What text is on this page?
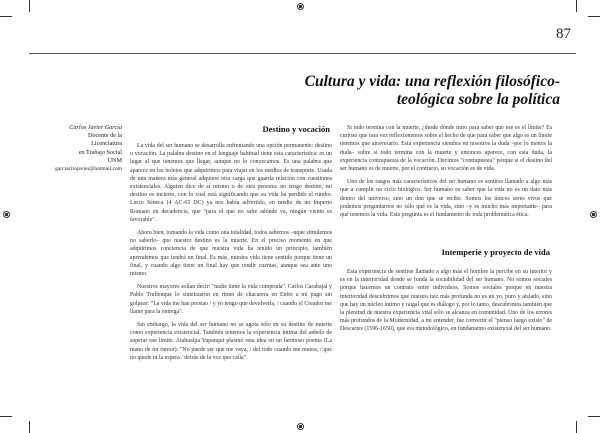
87
Cultura y vida: una reflexión filosófico-teológica sobre la política
Carlos Javier García
Docente de la
Licenciatura
en Trabajo Social
UNM
garciacitojavier@hotmail.com
Destino y vocación

La vida del ser humano se desarrolla enfrentando una opción permanente: destino o vocación. La palabra destino en el lenguaje habitual tiene esta característica: es un lugar al que tenemos que llegar, aunque no lo conozcamos. Es una palabra que aparece en los boletos que adquirimos para viajar en los medios de transporte. Usada de una manera más general adquiere otra carga que guarda relación con cuestiones existenciales. Alguien dice de sí mismo o de otra persona: no tengo destino, mi destino es incierto, con lo cual está significando que su vida ha perdido el rumbo. Lucio Séneca (4 AC-65 DC) ya nos había advertido, en medio de un Imperio Romano en decadencia, que "para el que no sabe adónde va, ningún viento es favorable".

Ahora bien, tomando la vida como una totalidad, todos sabemos –uque simulemos no saberlo– que nuestro destino es la muerte. En el preciso momento en que adquirimos conciencia de que nuestra vida ha tenido un principio, también aprendemos que tendrá un final. Es más, nuestra vida tiene sentido porque tiene un final, y cuando algo tiene un final hay que rendir cuentas, aunque sea ante uno mismo.

Nuestros mayores solían decir: "nadie tiene la vida comprada". Carlos Carabajal y Pablo Trullenque lo sintetizaron en ritmo de chacarera en Entre a mi pago sin golpear: "La vida me han prestao / y yo tengo que devolverla, / cuando el Creador me llame para la entrega".

Sin embargo, la vida del ser humano no se agota sólo en su destino de muerte como experiencia existencial. También tenemos la experiencia íntima del anhelo de superar ese límite. Atahualpa Yupanqui plasmó esta idea en un hermoso poema (La mano de mi rumor): "No puede ser que me vaya, / del todo cuando me muera, / que no quede ni la espera / detrás de la voz que calla".

Si todo termina con la muerte, ¿desde dónde miro para saber que ese es el límite? Es curioso que rara vez reflexionemos sobre el hecho de que para saber que algo es un límite tenemos que atravesarlo. Esta experiencia siembra en nosotros la duda –por lo menos la duda– sobre si todo termina con la muerte y entonces aparece, con esta duda, la experiencia contrapuesta de la vocación. Decimos "contrapuesta" porque si el destino del ser humano es de muerte, por el contrario, su vocación es de vida.

Uno de los rasgos más característicos del ser humano es sentirse llamado a algo más que a cumplir un ciclo biológico. Ser humano es saber que la vida no es un dato más dentro del universo, sino un don que se recibe. Somos los únicos seres vivos que podemos preguntarnos no sólo qué es la vida, sino –y es mucho más importante– para qué tenemos la vida. Esta pregunta es el fundamento de toda problemática ética.

Intemperie y proyecto de vida

Esta experiencia de sentirse llamado a algo más el hombre la percibe en su interior y es en la interioridad donde se funda la sociabilidad del ser humano. No somos sociales porque hacemos un contrato entre individuos. Somos sociales porque en nuestra interioridad descubrimos que nuestra raíz más profunda no es un yo, puro y aislado, sino que hay un núcleo íntimo y raigal que es diálogo y, por lo tanto, descubrimos también que la plenitud de nuestra experiencia vital sólo se alcanza en comunidad. Uno de los errores más profundos de la Modernidad, a mi entender, fue convertir el "pienso luego existo" de Descartes (1596-1650), que era metodológico, en fundamento existencial del ser humano.
